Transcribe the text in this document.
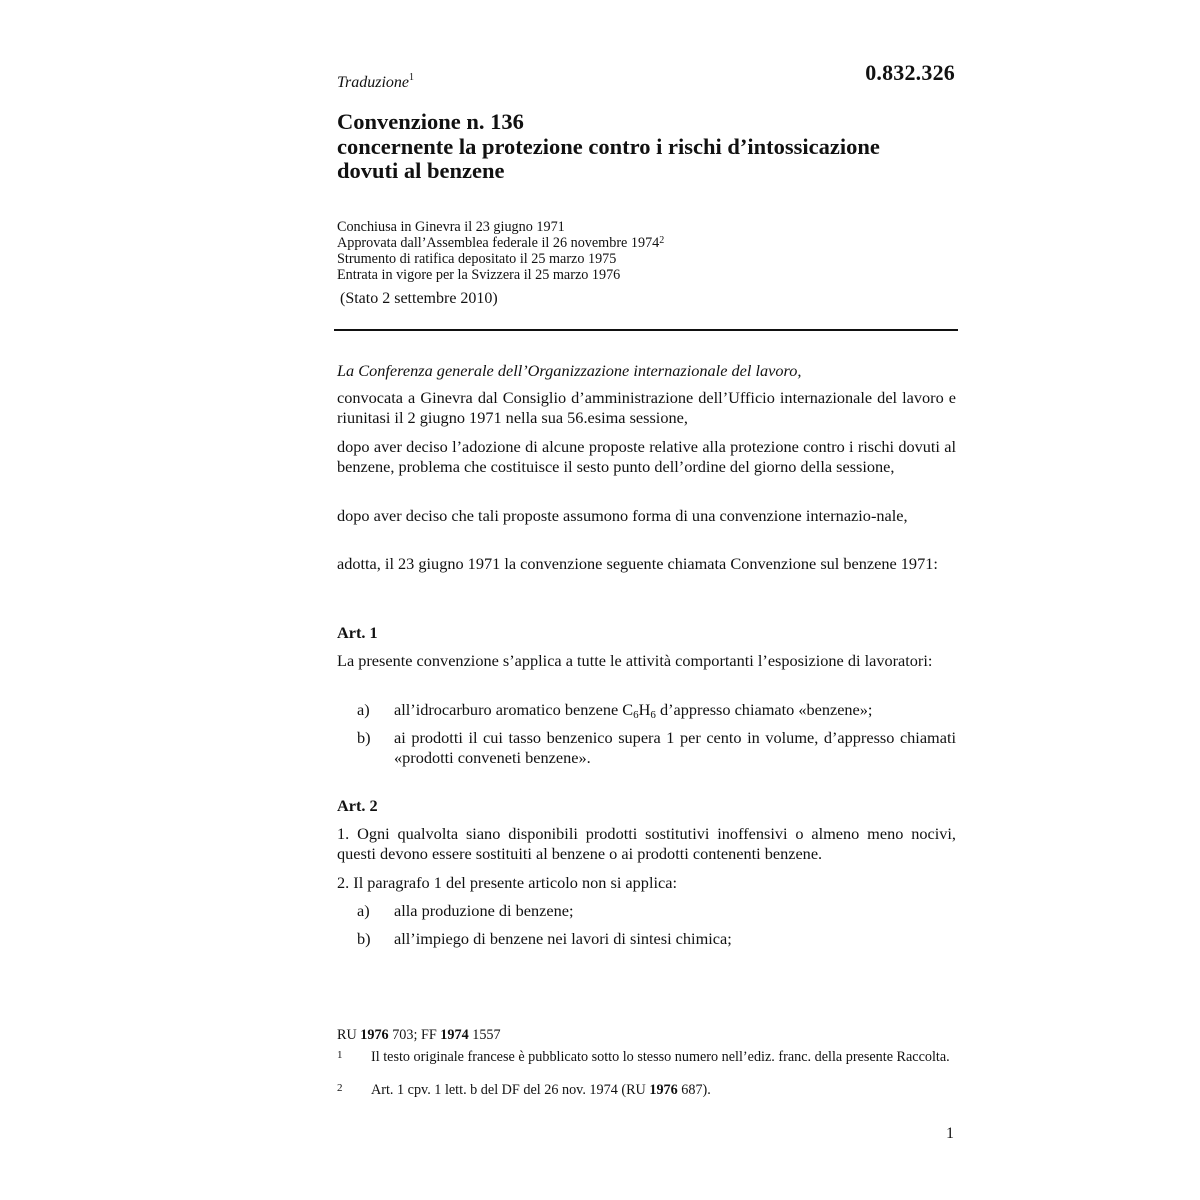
0.832.326
Traduzione$^1$
Convenzione n. 136
concernente la protezione contro i rischi d’intossicazione
dovuti al benzene
Conchiusa in Ginevra il 23 giugno 1971
Approvata dall’Assemblea federale il 26 novembre 1974$^2$
Strumento di ratifica depositato il 25 marzo 1975
Entrata in vigore per la Svizzera il 25 marzo 1976
(Stato 2 settembre 2010)
La Conferenza generale dell’Organizzazione internazionale del lavoro,
convocata a Ginevra dal Consiglio d’amministrazione dell’Ufficio internazionale del lavoro e riunitasi il 2 giugno 1971 nella sua 56.esima sessione,
dopo aver deciso l’adozione di alcune proposte relative alla protezione contro i rischi dovuti al benzene, problema che costituisce il sesto punto dell’ordine del giorno della sessione,
dopo aver deciso che tali proposte assumono forma di una convenzione internazio-nale,
adotta, il 23 giugno 1971 la convenzione seguente chiamata Convenzione sul benzene 1971:
Art. 1
La presente convenzione s’applica a tutte le attività comportanti l’esposizione di lavoratori:
a) all’idrocarburo aromatico benzene $C_6H_6$ d’appresso chiamato «benzene»;
b) ai prodotti il cui tasso benzenico supera 1 per cento in volume, d’appresso chiamati «prodotti conveneti benzene».
Art. 2
1. Ogni qualvolta siano disponibili prodotti sostitutivi inoffensivi o almeno meno nocivi, questi devono essere sostituiti al benzene o ai prodotti contenenti benzene.
2. Il paragrafo 1 del presente articolo non si applica:
a) alla produzione di benzene;
b) all’impiego di benzene nei lavori di sintesi chimica;
RU 1976 703; FF 1974 1557
1 Il testo originale francese è pubblicato sotto lo stesso numero nell’ediz. franc. della presente Raccolta.
2 Art. 1 cpv. 1 lett. b del DF del 26 nov. 1974 (RU 1976 687).
1
